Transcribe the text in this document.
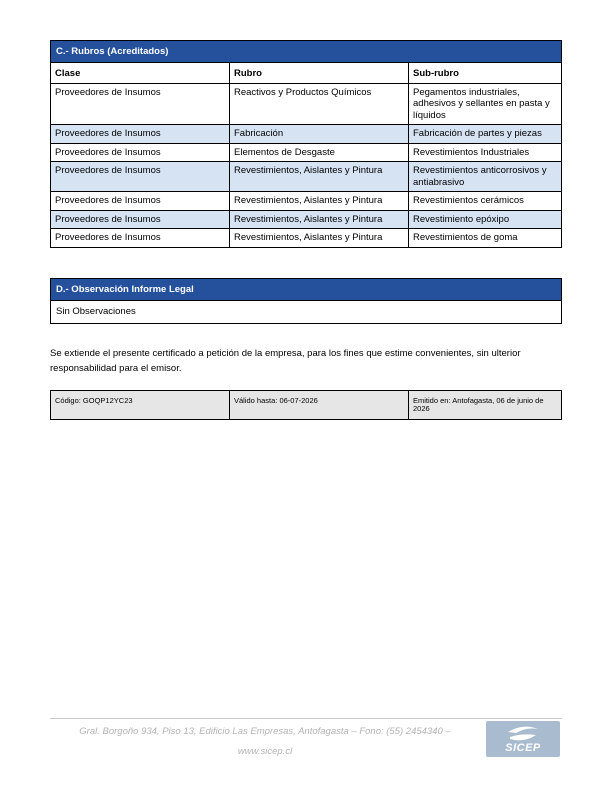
C.- Rubros (Acreditados)
Clase	Rubro	Sub-rubro
Proveedores de Insumos	Reactivos y Productos Químicos	Pegamentos industriales, adhesivos y sellantes en pasta y líquidos
Proveedores de Insumos	Fabricación	Fabricación de partes y piezas
Proveedores de Insumos	Elementos de Desgaste	Revestimientos Industriales
Proveedores de Insumos	Revestimientos, Aislantes y Pintura	Revestimientos anticorrosivos y antiabrasivo
Proveedores de Insumos	Revestimientos, Aislantes y Pintura	Revestimientos cerámicos
Proveedores de Insumos	Revestimientos, Aislantes y Pintura	Revestimiento epóxipo
Proveedores de Insumos	Revestimientos, Aislantes y Pintura	Revestimientos de goma
D.- Observación Informe Legal
Sin Observaciones
Se extiende el presente certificado a petición de la empresa, para los fines que estime convenientes, sin ulterior responsabilidad para el emisor.
Código: GOQP12YC23	Válido hasta: 06-07-2026	Emitido en: Antofagasta, 06 de junio de 2026
Gral. Borgoño 934, Piso 13, Edificio Las Empresas, Antofagasta – Fono: (55) 2454340 –
www.sicep.cl	SICEP
